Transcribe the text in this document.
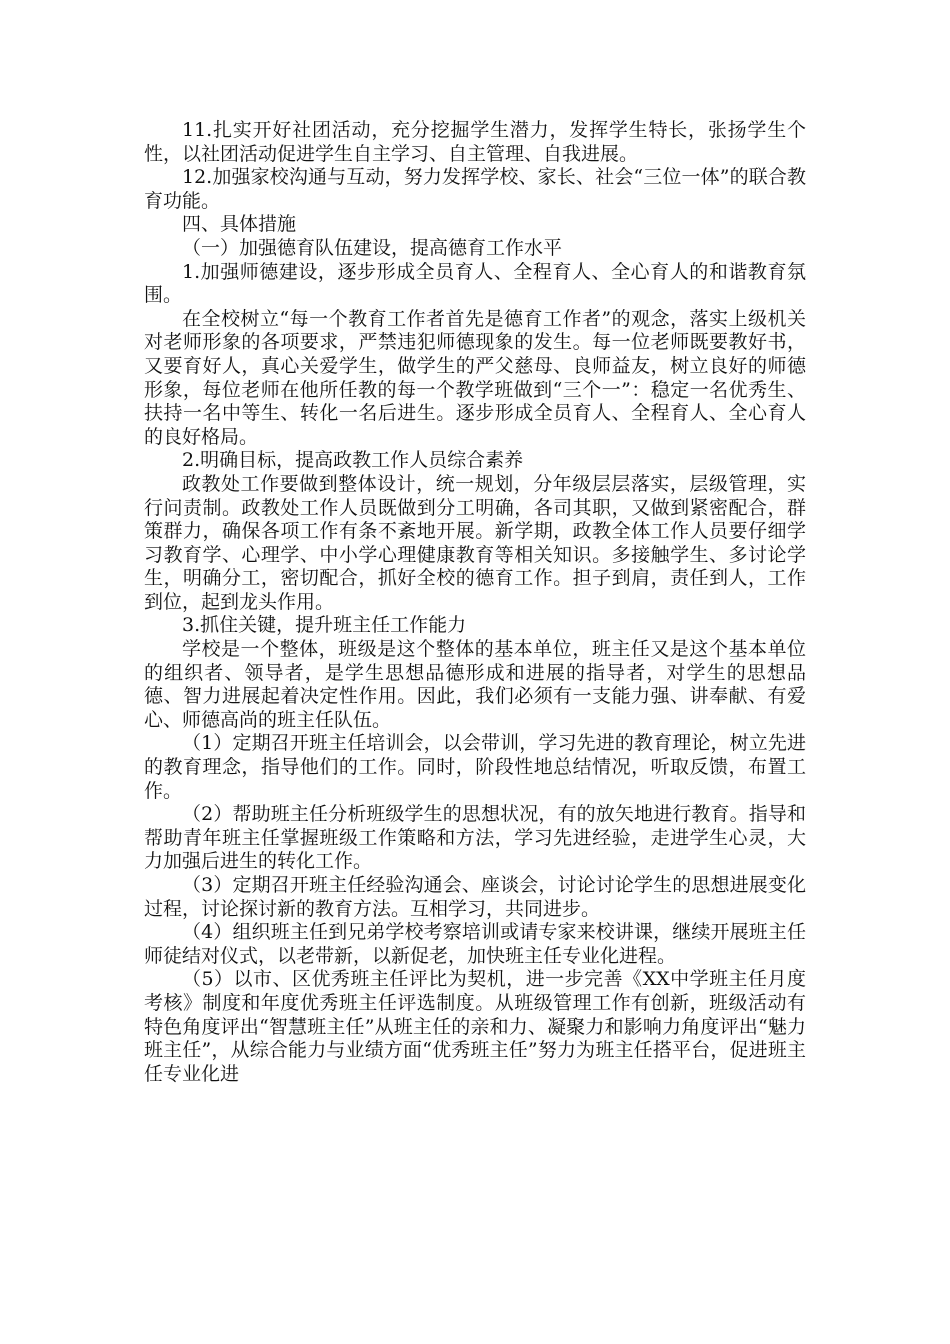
11.扎实开好社团活动，充分挖掘学生潜力，发挥学生特长，张扬学生个性，以社团活动促进学生自主学习、自主管理、自我进展。

12.加强家校沟通与互动，努力发挥学校、家长、社会“三位一体”的联合教育功能。

四、具体措施

（一）加强德育队伍建设，提高德育工作水平

1.加强师德建设，逐步形成全员育人、全程育人、全心育人的和谐教育氛围。

在全校树立“每一个教育工作者首先是德育工作者”的观念，落实上级机关对老师形象的各项要求，严禁违犯师德现象的发生。每一位老师既要教好书，又要育好人，真心关爱学生，做学生的严父慈母、良师益友，树立良好的师德形象，每位老师在他所任教的每一个教学班做到“三个一”：稳定一名优秀生、扶持一名中等生、转化一名后进生。逐步形成全员育人、全程育人、全心育人的良好格局。

2.明确目标，提高政教工作人员综合素养

政教处工作要做到整体设计，统一规划，分年级层层落实，层级管理，实行问责制。政教处工作人员既做到分工明确，各司其职，又做到紧密配合，群策群力，确保各项工作有条不紊地开展。新学期，政教全体工作人员要仔细学习教育学、心理学、中小学心理健康教育等相关知识。多接触学生、多讨论学生，明确分工，密切配合，抓好全校的德育工作。担子到肩，责任到人，工作到位，起到龙头作用。

3.抓住关键，提升班主任工作能力

学校是一个整体，班级是这个整体的基本单位，班主任又是这个基本单位的组织者、领导者，是学生思想品德形成和进展的指导者，对学生的思想品德、智力进展起着决定性作用。因此，我们必须有一支能力强、讲奉献、有爱心、师德高尚的班主任队伍。

（1）定期召开班主任培训会，以会带训，学习先进的教育理论，树立先进的教育理念，指导他们的工作。同时，阶段性地总结情况，听取反馈，布置工作。

（2）帮助班主任分析班级学生的思想状况，有的放矢地进行教育。指导和帮助青年班主任掌握班级工作策略和方法，学习先进经验，走进学生心灵，大力加强后进生的转化工作。

（3）定期召开班主任经验沟通会、座谈会，讨论讨论学生的思想进展变化过程，讨论探讨新的教育方法。互相学习，共同进步。

（4）组织班主任到兄弟学校考察培训或请专家来校讲课，继续开展班主任师徒结对仪式，以老带新，以新促老，加快班主任专业化进程。

（5）以市、区优秀班主任评比为契机，进一步完善《XX中学班主任月度考核》制度和年度优秀班主任评选制度。从班级管理工作有创新，班级活动有特色角度评出“智慧班主任”从班主任的亲和力、凝聚力和影响力角度评出“魅力班主任”，从综合能力与业绩方面“优秀班主任”努力为班主任搭平台，促进班主任专业化进
